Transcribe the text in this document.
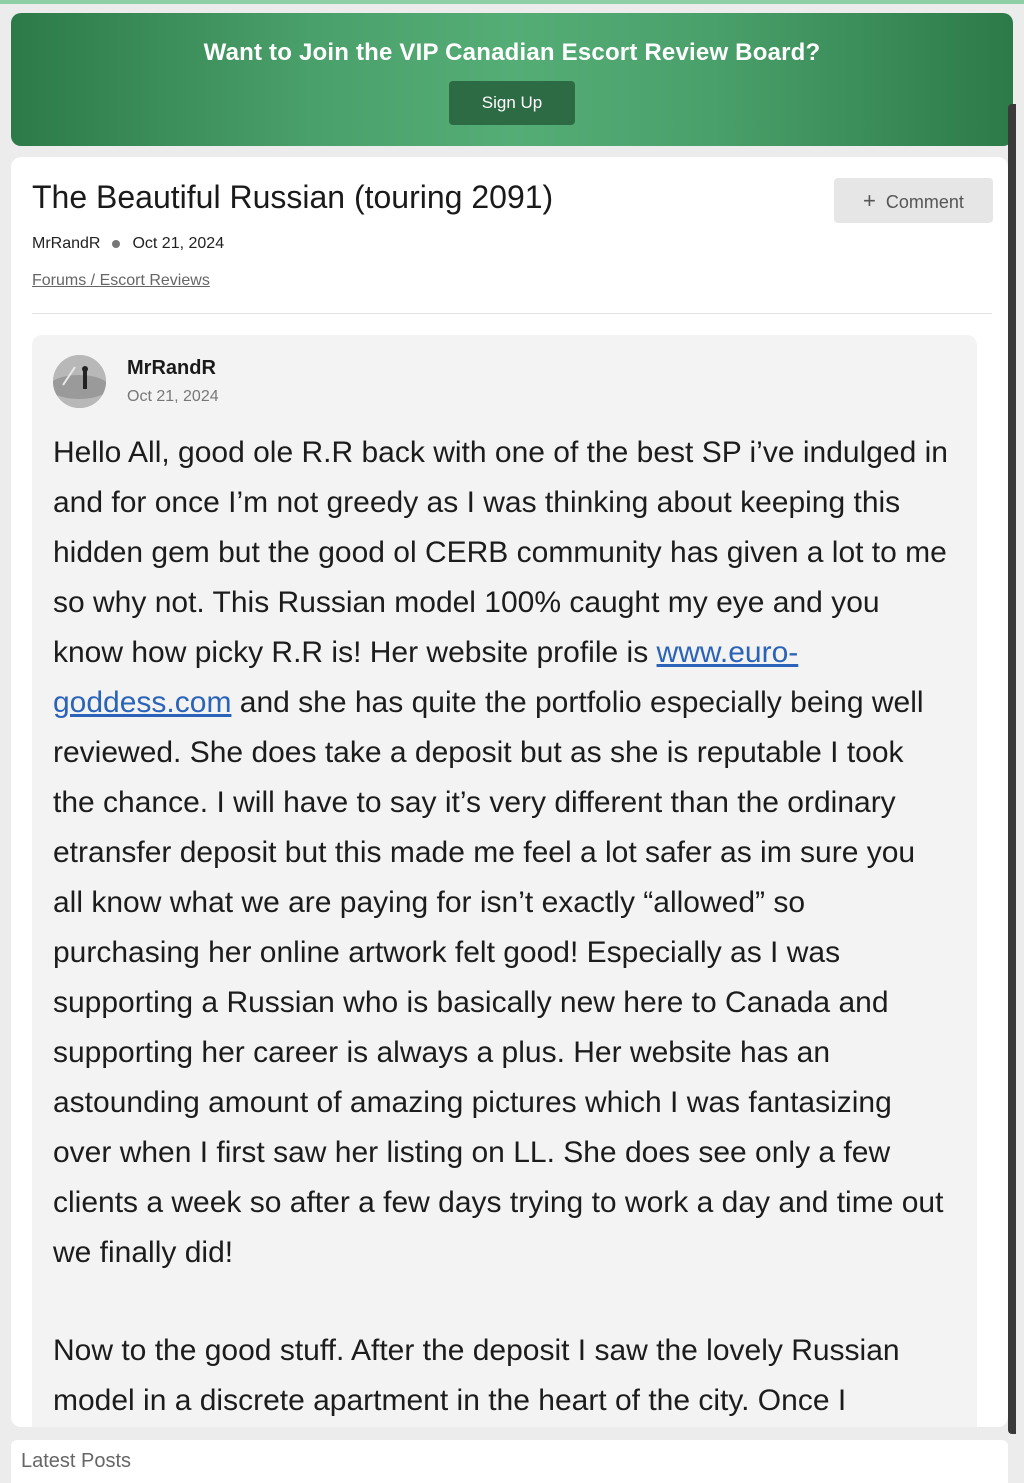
Want to Join the VIP Canadian Escort Review Board?
Sign Up
The Beautiful Russian (touring 2091)	+ Comment
MrRandR Oct 21, 2024
Forums / Escort Reviews
MrRandR
Oct 21, 2024
Hello All, good ole R.R back with one of the best SP i’ve indulged in and for once I’m not greedy as I was thinking about keeping this hidden gem but the good ol CERB community has given a lot to me so why not. This Russian model 100% caught my eye and you know how picky R.R is! Her website profile is www.euro-goddess.com and she has quite the portfolio especially being well reviewed. She does take a deposit but as she is reputable I took the chance. I will have to say it’s very different than the ordinary etransfer deposit but this made me feel a lot safer as im sure you all know what we are paying for isn’t exactly “allowed” so purchasing her online artwork felt good! Especially as I was supporting a Russian who is basically new here to Canada and supporting her career is always a plus. Her website has an astounding amount of amazing pictures which I was fantasizing over when I first saw her listing on LL. She does see only a few clients a week so after a few days trying to work a day and time out we finally did!
Now to the good stuff. After the deposit I saw the lovely Russian model in a discrete apartment in the heart of the city. Once I
Latest Posts
